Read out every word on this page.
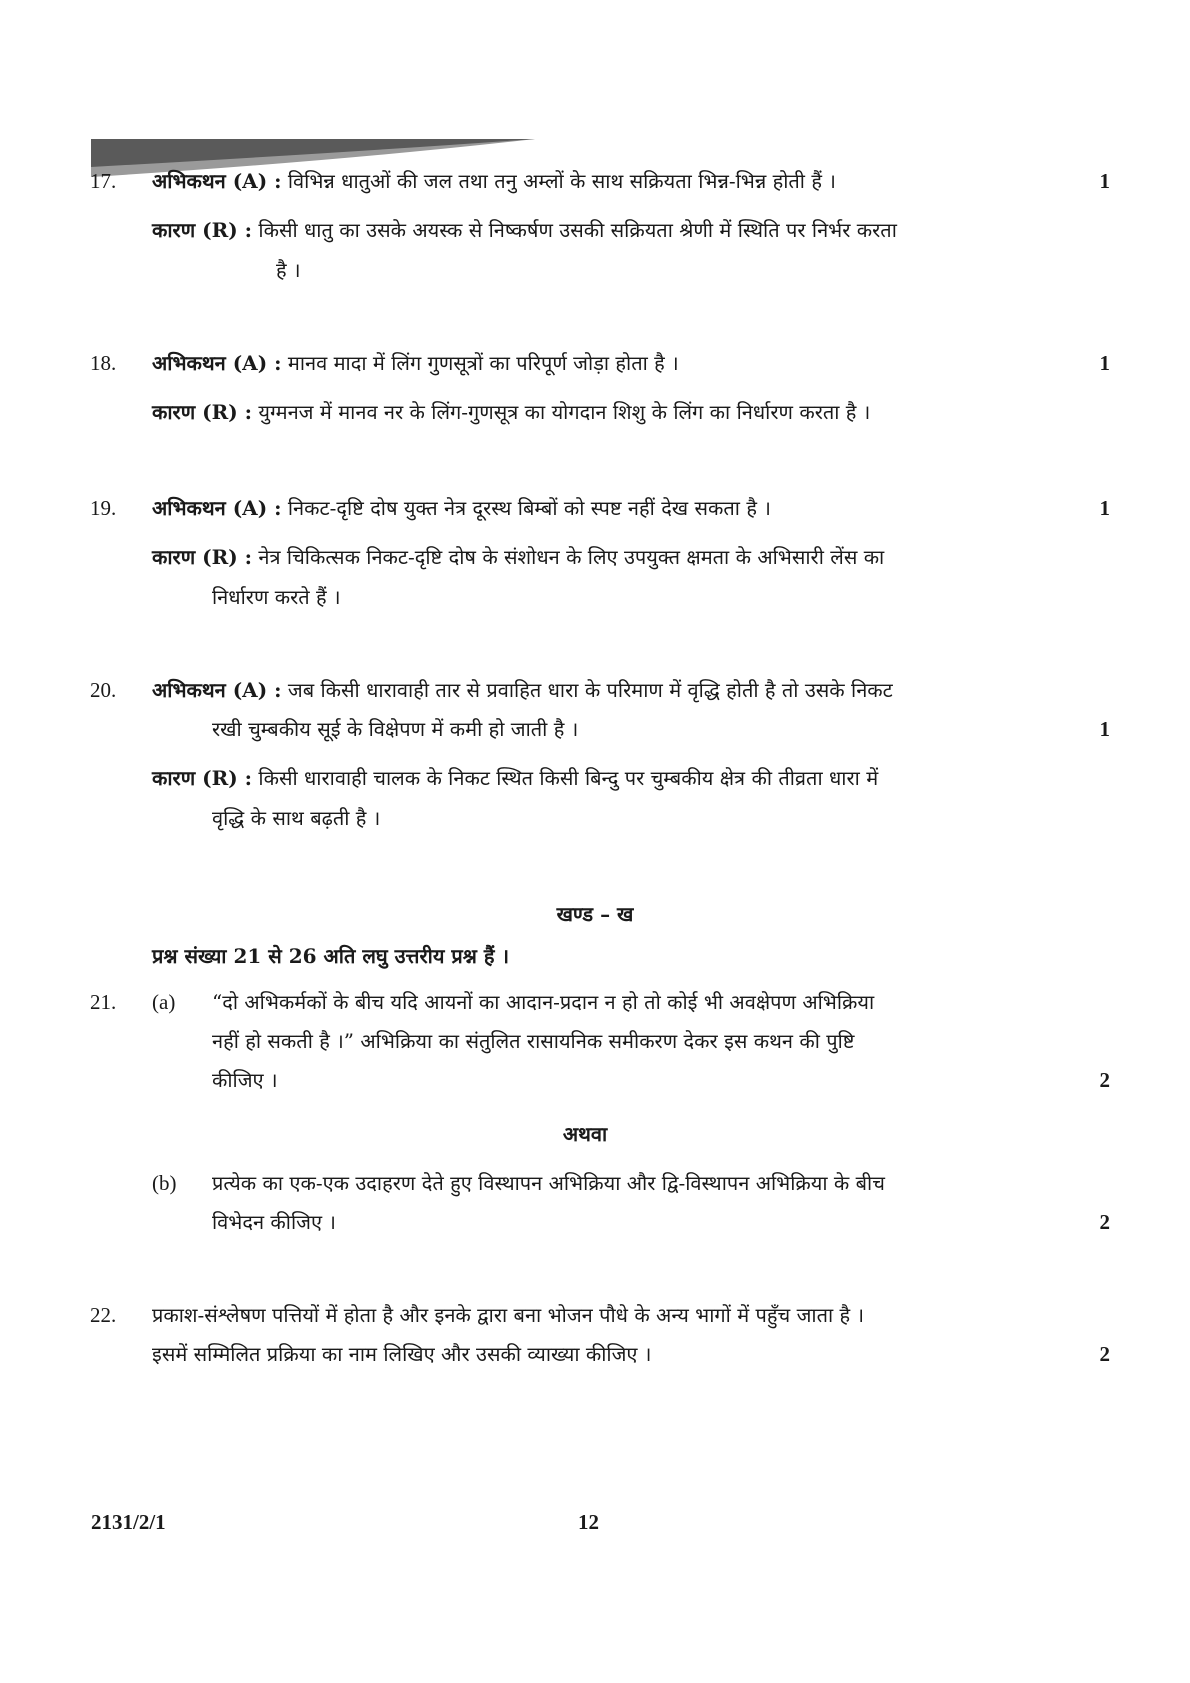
17.	अभिकथन (A) : विभिन्न धातुओं की जल तथा तनु अम्लों के साथ सक्रियता भिन्न-भिन्न होती हैं ।	1
कारण (R) : किसी धातु का उसके अयस्क से निष्कर्षण उसकी सक्रियता श्रेणी में स्थिति पर निर्भर करता
है ।
18.	अभिकथन (A) : मानव मादा में लिंग गुणसूत्रों का परिपूर्ण जोड़ा होता है ।	1
कारण (R) : युग्मनज में मानव नर के लिंग-गुणसूत्र का योगदान शिशु के लिंग का निर्धारण करता है ।
19.	अभिकथन (A) : निकट-दृष्टि दोष युक्त नेत्र दूरस्थ बिम्बों को स्पष्ट नहीं देख सकता है ।	1
कारण (R) : नेत्र चिकित्सक निकट-दृष्टि दोष के संशोधन के लिए उपयुक्त क्षमता के अभिसारी लेंस का
निर्धारण करते हैं ।
20.	अभिकथन (A) : जब किसी धारावाही तार से प्रवाहित धारा के परिमाण में वृद्धि होती है तो उसके निकट
रखी चुम्बकीय सूई के विक्षेपण में कमी हो जाती है ।	1
कारण (R) : किसी धारावाही चालक के निकट स्थित किसी बिन्दु पर चुम्बकीय क्षेत्र की तीव्रता धारा में
वृद्धि के साथ बढ़ती है ।
खण्ड – ख
प्रश्न संख्या 21 से 26 अति लघु उत्तरीय प्रश्न हैं ।
21.	(a) “दो अभिकर्मकों के बीच यदि आयनों का आदान-प्रदान न हो तो कोई भी अवक्षेपण अभिक्रिया
नहीं हो सकती है ।” अभिक्रिया का संतुलित रासायनिक समीकरण देकर इस कथन की पुष्टि
कीजिए ।	2
अथवा
(b) प्रत्येक का एक-एक उदाहरण देते हुए विस्थापन अभिक्रिया और द्वि-विस्थापन अभिक्रिया के बीच
विभेदन कीजिए ।	2
22.	प्रकाश-संश्लेषण पत्तियों में होता है और इनके द्वारा बना भोजन पौधे के अन्य भागों में पहुँच जाता है ।
इसमें सम्मिलित प्रक्रिया का नाम लिखिए और उसकी व्याख्या कीजिए ।	2
2131/2/1	12
